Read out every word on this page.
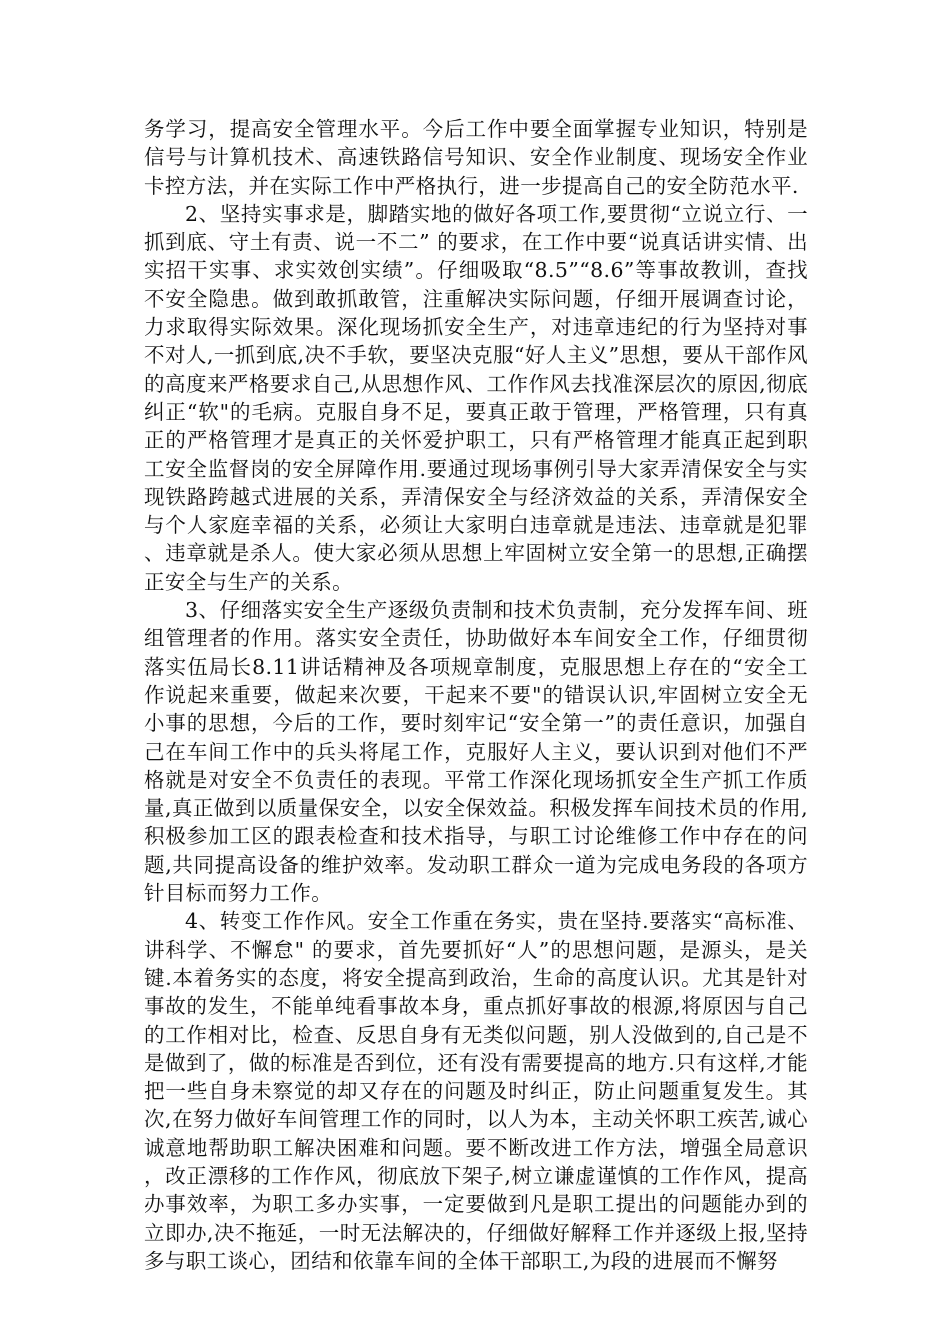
务学习，提高安全管理水平。今后工作中要全面掌握专业知识，特别是信号与计算机技术、高速铁路信号知识、安全作业制度、现场安全作业卡控方法，并在实际工作中严格执行，进一步提高自己的安全防范水平.

2、坚持实事求是，脚踏实地的做好各项工作,要贯彻“立说立行、一抓到底、守土有责、说一不二” 的要求，在工作中要“说真话讲实情、出实招干实事、求实效创实绩”。仔细吸取“8.5”“8.6”等事故教训，查找不安全隐患。做到敢抓敢管，注重解决实际问题，仔细开展调查讨论，力求取得实际效果。深化现场抓安全生产，对违章违纪的行为坚持对事不对人,一抓到底,决不手软，要坚决克服“好人主义”思想，要从干部作风的高度来严格要求自己,从思想作风、工作作风去找准深层次的原因,彻底纠正“软"的毛病。克服自身不足，要真正敢于管理，严格管理，只有真正的严格管理才是真正的关怀爱护职工，只有严格管理才能真正起到职工安全监督岗的安全屏障作用.要通过现场事例引导大家弄清保安全与实现铁路跨越式进展的关系，弄清保安全与经济效益的关系，弄清保安全与个人家庭幸福的关系，必须让大家明白违章就是违法、违章就是犯罪、违章就是杀人。使大家必须从思想上牢固树立安全第一的思想,正确摆正安全与生产的关系。

3、仔细落实安全生产逐级负责制和技术负责制，充分发挥车间、班组管理者的作用。落实安全责任，协助做好本车间安全工作，仔细贯彻落实伍局长8.11讲话精神及各项规章制度，克服思想上存在的“安全工作说起来重要，做起来次要，干起来不要"的错误认识,牢固树立安全无小事的思想，今后的工作，要时刻牢记“安全第一”的责任意识，加强自己在车间工作中的兵头将尾工作，克服好人主义，要认识到对他们不严格就是对安全不负责任的表现。平常工作深化现场抓安全生产抓工作质量,真正做到以质量保安全，以安全保效益。积极发挥车间技术员的作用,积极参加工区的跟表检查和技术指导，与职工讨论维修工作中存在的问题,共同提高设备的维护效率。发动职工群众一道为完成电务段的各项方针目标而努力工作。

4、转变工作作风。安全工作重在务实，贵在坚持.要落实“高标准、讲科学、不懈怠" 的要求，首先要抓好“人”的思想问题，是源头，是关键.本着务实的态度，将安全提高到政治，生命的高度认识。尤其是针对事故的发生，不能单纯看事故本身，重点抓好事故的根源,将原因与自己的工作相对比，检查、反思自身有无类似问题，别人没做到的,自己是不是做到了，做的标准是否到位，还有没有需要提高的地方.只有这样,才能把一些自身未察觉的却又存在的问题及时纠正，防止问题重复发生。其次,在努力做好车间管理工作的同时，以人为本，主动关怀职工疾苦,诚心诚意地帮助职工解决困难和问题。要不断改进工作方法，增强全局意识，改正漂移的工作作风，彻底放下架子,树立谦虚谨慎的工作作风，提高办事效率，为职工多办实事，一定要做到凡是职工提出的问题能办到的立即办,决不拖延，一时无法解决的，仔细做好解释工作并逐级上报,坚持多与职工谈心，团结和依靠车间的全体干部职工,为段的进展而不懈努
